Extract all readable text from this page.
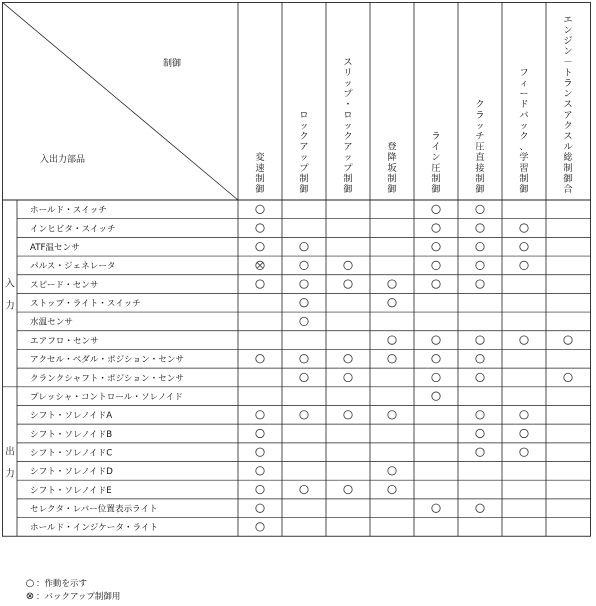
制御
入出力部品	変速制御
ロックアップ制御
スリップ・ロックアップ制御
登降坂制御
ライン圧制御
クラッチ圧直接制御
フィードバック、学習制御
エンジン－トランスアクスル総制御合
ホールド・スイッチ
インヒビタ・スイッチ
ATF温センサ
パルス・ジェネレータ
スピード・センサ
ストップ・ライト・スイッチ
水温センサ
エアフロ・センサ
アクセル・ペダル・ポジション・センサ
クランクシャフト・ポジション・センサ
プレッシャ・コントロール・ソレノイド
シフト・ソレノイドA
シフト・ソレノイドB
シフト・ソレノイドC
シフト・ソレノイドD
シフト・ソレノイドE
セレクタ・レバー位置表示ライト
ホールド・インジケータ・ライト
入力
出力
○ ：作動を示す
⊗ ：バックアップ制御用
